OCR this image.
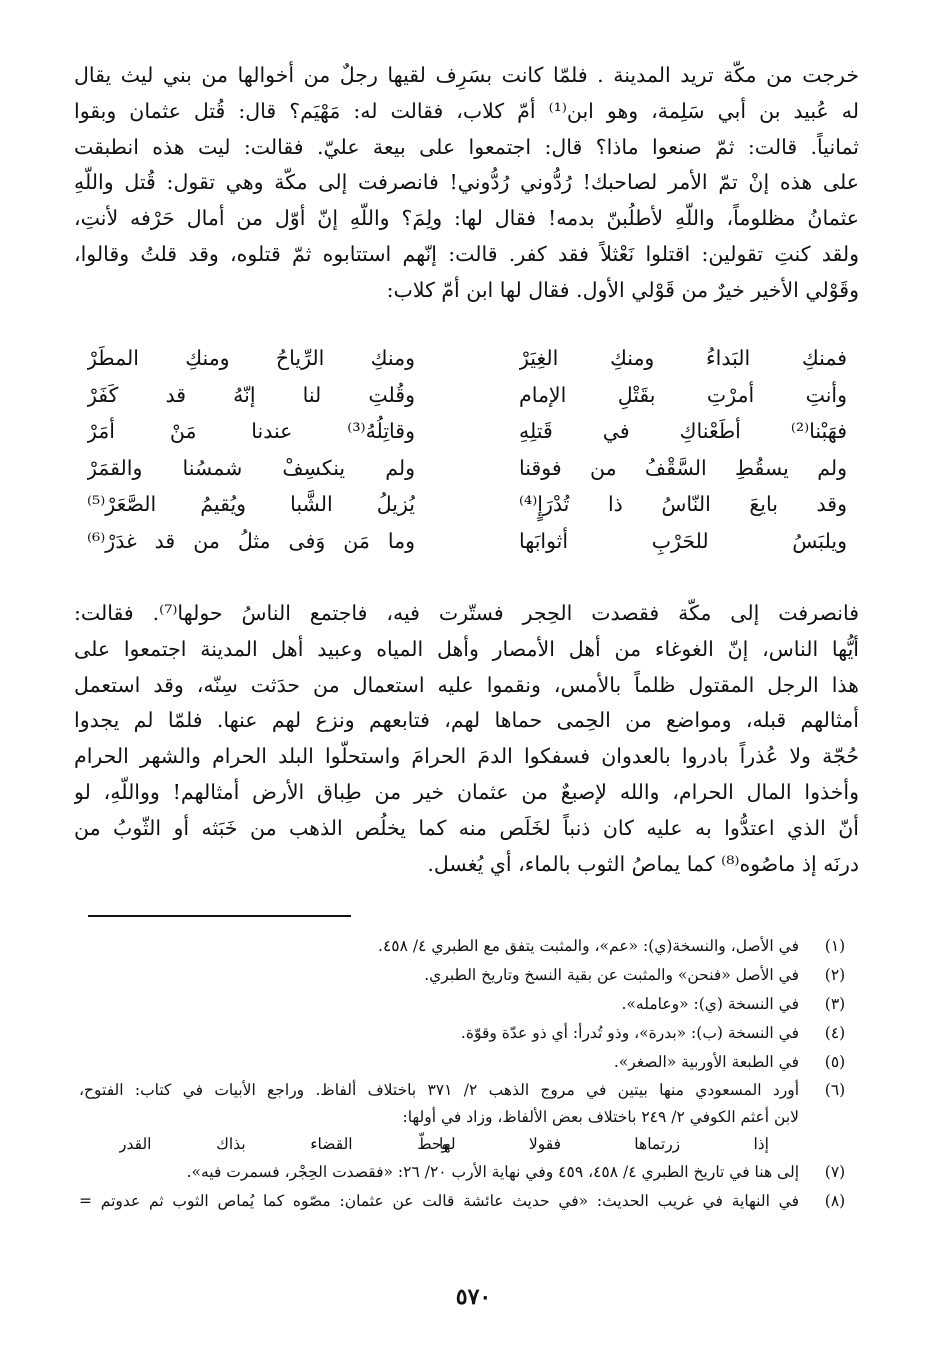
خرجت من مكّة تريد المدينة . فلمّا كانت بسَرِف لقيها رجلٌ من أخوالها من بني ليث يقال
له عُبيد بن أبي سَلِمة، وهو ابن⁽¹⁾ أمّ كلاب، فقالت له: مَهْيَم؟ قال: قُتل عثمان وبقوا
ثمانياً. قالت: ثمّ صنعوا ماذا؟ قال: اجتمعوا على بيعة عليّ. فقالت: ليت هذه انطبقت
على هذه إنْ تمّ الأمر لصاحبك! رُدُّوني رُدُّوني! فانصرفت إلى مكّة وهي تقول: قُتل واللّهِ
عثمانُ مظلوماً، واللّهِ لأطلُبنّ بدمه! فقال لها: ولِمَ؟ واللّهِ إنّ أوّل من أمال حَرْفه لأنتِ،
ولقد كنتِ تقولين: اقتلوا نَعْثلاً فقد كفر. قالت: إنّهم استتابوه ثمّ قتلوه، وقد قلتُ وقالوا،
وقَوْلي الأخير خيرٌ من قَوْلي الأول. فقال لها ابن أمّ كلاب:
فمنكِ البَداءُ ومنكِ الغِيَرْ
ومنكِ الرِّياحُ ومنكِ المطَرْ
وأنتِ أمرْتِ بقَتْلِ الإمام
وقُلتِ لنا إنّهُ قد كَفَرْ
فهَبْنا⁽²⁾ أطَعْناكِ في قَتلِهِ
وقاتِلُهُ⁽³⁾ عندنا مَنْ أمَرْ
ولم يسقُطِ السَّقْفُ من فوقنا
ولم ينكسِفْ شمسُنا والقمَرْ
وقد بايعَ النّاسُ ذا تُدْرَإٍ⁽⁴⁾
يُزيلُ الشَّبا ويُقيمُ الصَّعَرْ⁽⁵⁾
ويلبَسُ للحَرْبِ أثوابَها
وما مَن وَفى مثلُ من قد غدَرْ⁽⁶⁾
فانصرفت إلى مكّة فقصدت الحِجر فستّرت فيه، فاجتمع الناسُ حولها⁽⁷⁾. فقالت:
أيُّها الناس، إنّ الغوغاء من أهل الأمصار وأهل المياه وعبيد أهل المدينة اجتمعوا على
هذا الرجل المقتول ظلماً بالأمس، ونقموا عليه استعمال من حدَثت سِنّه، وقد استعمل
أمثالهم قبله، ومواضع من الحِمى حماها لهم، فتابعهم ونزع لهم عنها. فلمّا لم يجدوا
حُجّة ولا عُذراً بادروا بالعدوان فسفكوا الدمَ الحرامَ واستحلّوا البلد الحرام والشهر الحرام
وأخذوا المال الحرام، والله لإصبعٌ من عثمان خير من طِباق الأرض أمثالهم! وواللّهِ، لو
أنّ الذي اعتدُّوا به عليه كان ذنباً لخَلَص منه كما يخلُص الذهب من خَبَثه أو الثّوبُ من
درنَه إذ ماصُوه⁽⁸⁾ كما يماصُ الثوب بالماء، أي يُغسل.
(١)
في الأصل، والنسخة(ي): «عم»، والمثبت يتفق مع الطبري ٤/ ٤٥٨.
(٢)
في الأصل «فنحن» والمثبت عن بقية النسخ وتاريخ الطبري.
(٣)
في النسخة (ي): «وعامله».
(٤)
في النسخة (ب): «بدرة»، وذو تُدرأ: أي ذو عدّة وقوّة.
(٥)
في الطبعة الأوربية «الصغر».
(٦)
أورد المسعودي منها بيتين في مروج الذهب ٢/ ٣٧١ باختلاف ألفاظ. وراجع الأبيات في كتاب: الفتوح،
لابن أعثم الكوفي ٢/ ٢٤٩ باختلاف بعض الألفاظ، وزاد في أولها:
إذا زرتماها فقولا لها
وحطّ القضاء بذاك القدر
(٧)
إلى هنا في تاريخ الطبري ٤/ ٤٥٨، ٤٥٩ وفي نهاية الأرب ٢٠/ ٢٦: «فقصدت الحِجْر، فسمرت فيه».
(٨)
في النهاية في غريب الحديث: «في حديث عائشة قالت عن عثمان: مصّوه كما يُماص الثوب ثم عدوتم =
٥٧٠
